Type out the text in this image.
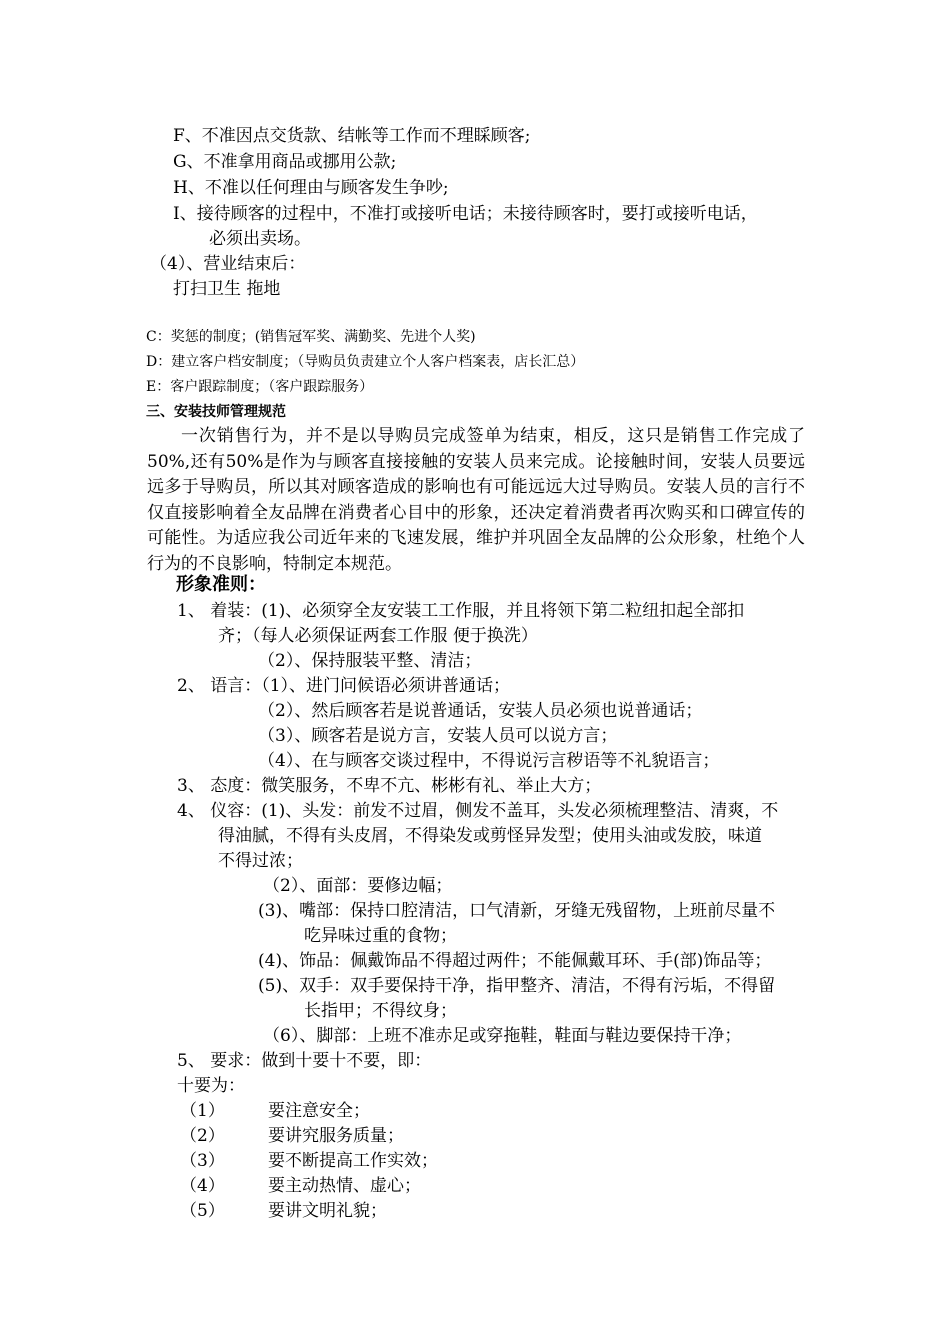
F、不准因点交货款、结帐等工作而不理睬顾客;
G、不准拿用商品或挪用公款;
H、不准以任何理由与顾客发生争吵;
I、接待顾客的过程中，不准打或接听电话；未接待顾客时，要打或接听电话，
必须出卖场。
（4）、营业结束后：
打扫卫生 拖地
C：奖惩的制度；(销售冠军奖、满勤奖、先进个人奖)
D：建立客户档安制度；（导购员负责建立个人客户档案表，店长汇总）
E：客户跟踪制度；（客户跟踪服务）
三、安装技师管理规范
一次销售行为，并不是以导购员完成签单为结束，相反，这只是销售工作完成了50%,还有50%是作为与顾客直接接触的安装人员来完成。论接触时间，安装人员要远远多于导购员，所以其对顾客造成的影响也有可能远远大过导购员。安装人员的言行不仅直接影响着全友品牌在消费者心目中的形象，还决定着消费者再次购买和口碑宣传的可能性。为适应我公司近年来的飞速发展，维护并巩固全友品牌的公众形象，杜绝个人行为的不良影响，特制定本规范。
形象准则：
1、 着装：(1)、必须穿全友安装工工作服，并且将领下第二粒纽扣起全部扣
齐；（每人必须保证两套工作服 便于换洗）
（2）、保持服装平整、清洁；
2、 语言：（1）、进门问候语必须讲普通话；
（2）、然后顾客若是说普通话，安装人员必须也说普通话；
（3）、顾客若是说方言，安装人员可以说方言；
（4）、在与顾客交谈过程中，不得说污言秽语等不礼貌语言；
3、 态度：微笑服务，不卑不亢、彬彬有礼、举止大方；
4、 仪容：(1)、头发：前发不过眉，侧发不盖耳，头发必须梳理整洁、清爽，不
得油腻，不得有头皮屑，不得染发或剪怪异发型；使用头油或发胶，味道
不得过浓；
（2）、面部：要修边幅；
(3)、嘴部：保持口腔清洁，口气清新，牙缝无残留物，上班前尽量不
吃异味过重的食物；
(4)、饰品：佩戴饰品不得超过两件；不能佩戴耳环、手(部)饰品等；
(5)、双手：双手要保持干净，指甲整齐、清洁，不得有污垢，不得留
长指甲；不得纹身；
（6）、脚部：上班不准赤足或穿拖鞋，鞋面与鞋边要保持干净；
5、 要求：做到十要十不要，即：
十要为：
（1）	要注意安全；
（2）	要讲究服务质量；
（3）	要不断提高工作实效；
（4）	要主动热情、虚心；
（5）	要讲文明礼貌；
